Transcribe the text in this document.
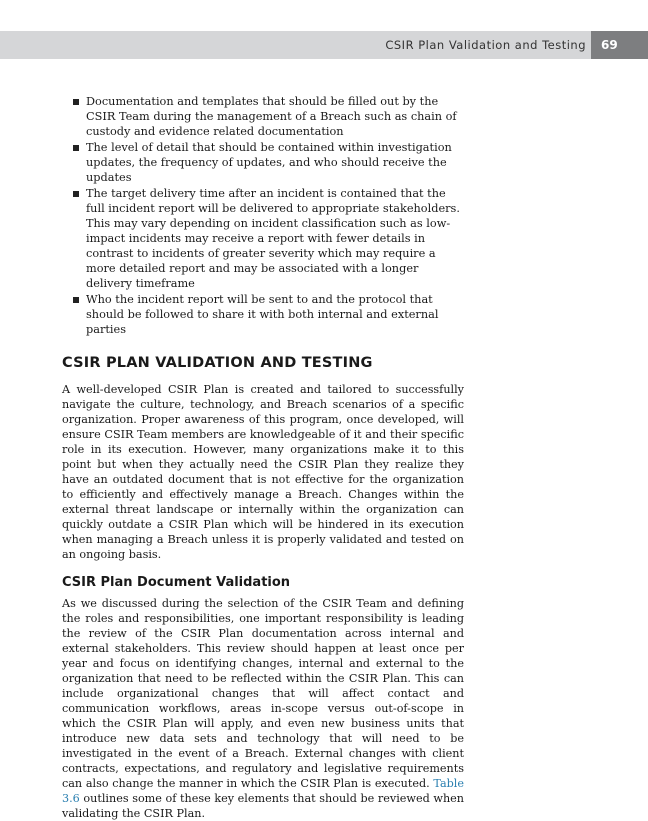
CSIR Plan Validation and Testing	69
Documentation and templates that should be filled out by the CSIR Team during the management of a Breach such as chain of custody and evidence related documentation
The level of detail that should be contained within investigation updates, the frequency of updates, and who should receive the updates
The target delivery time after an incident is contained that the full incident report will be delivered to appropriate stakeholders. This may vary depending on incident classification such as low-impact incidents may receive a report with fewer details in contrast to incidents of greater severity which may require a more detailed report and may be associated with a longer delivery timeframe
Who the incident report will be sent to and the protocol that should be followed to share it with both internal and external parties
CSIR PLAN VALIDATION AND TESTING

A well-developed CSIR Plan is created and tailored to successfully navigate the culture, technology, and Breach scenarios of a specific organization. Proper awareness of this program, once developed, will ensure CSIR Team members are knowledgeable of it and their specific role in its execution. However, many organizations make it to this point but when they actually need the CSIR Plan they realize they have an outdated document that is not effective for the organization to efficiently and effectively manage a Breach. Changes within the external threat landscape or internally within the organization can quickly outdate a CSIR Plan which will be hindered in its execution when managing a Breach unless it is properly validated and tested on an ongoing basis.

CSIR Plan Document Validation

As we discussed during the selection of the CSIR Team and defining the roles and responsibilities, one important responsibility is leading the review of the CSIR Plan documentation across internal and external stakeholders. This review should happen at least once per year and focus on identifying changes, internal and external to the organization that need to be reflected within the CSIR Plan. This can include organizational changes that will affect contact and communication workflows, areas in-scope versus out-of-scope in which the CSIR Plan will apply, and even new business units that introduce new data sets and technology that will need to be investigated in the event of a Breach. External changes with client contracts, expectations, and regulatory and legislative requirements can also change the manner in which the CSIR Plan is executed. Table 3.6 outlines some of these key elements that should be reviewed when validating the CSIR Plan.
